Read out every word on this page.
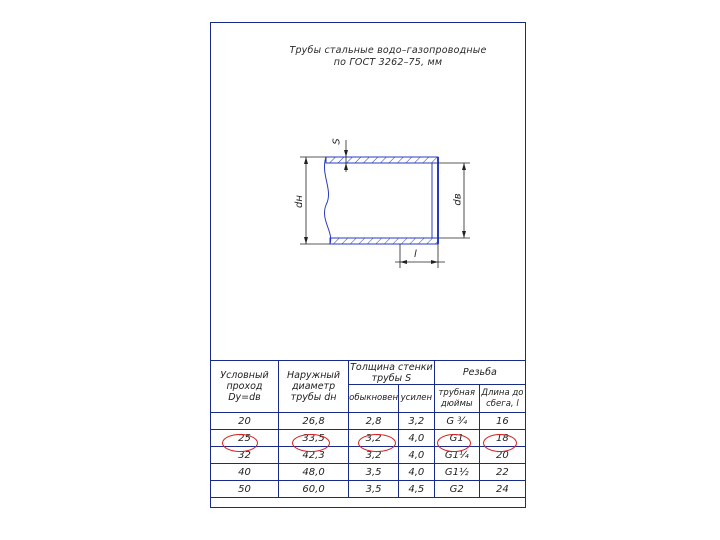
Трубы стальные водо–газопроводные
по ГОСТ 3262–75, мм
S
dн	dв
l
Условный проход Dу=dв	Наружный диаметр трубы dн	Толщина стенки трубы S		Резьба	
		обыкновен	усилен	трубная дюймы	Длина до сбега, l
20	26,8	2,8	3,2	G ¾	16
25	33,5	3,2	4,0	G1	18
32	42,3	3,2	4,0	G1¼	20
40	48,0	3,5	4,0	G1½	22
50	60,0	3,5	4,5	G2	24
